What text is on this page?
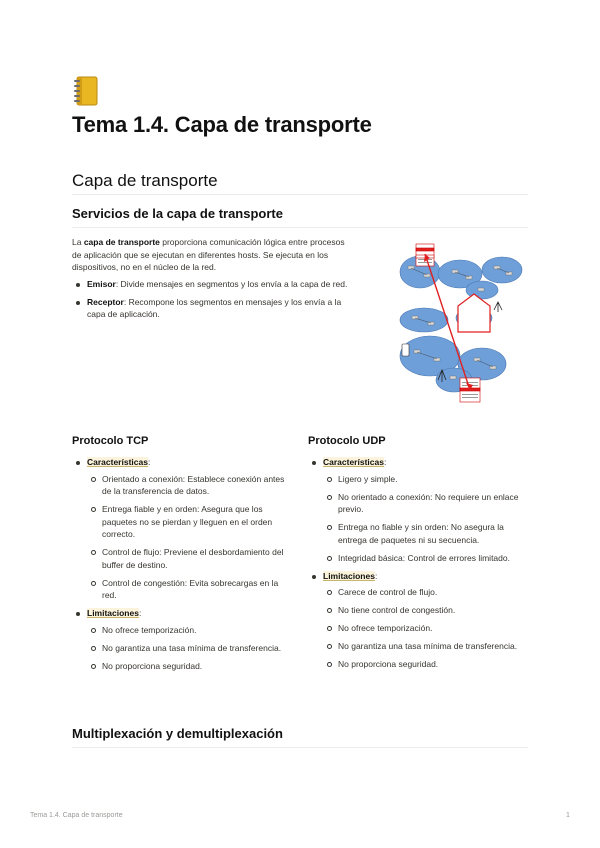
Tema 1.4. Capa de transporte
Capa de transporte
Servicios de la capa de transporte

La capa de transporte proporciona comunicación lógica entre procesos de aplicación que se ejecutan en diferentes hosts. Se ejecuta en los dispositivos, no en el núcleo de la red.

Emisor: Divide mensajes en segmentos y los envía a la capa de red.
Receptor: Recompone los segmentos en mensajes y los envía a la capa de aplicación.
Protocolo TCP
Características:
Orientado a conexión: Establece conexión antes de la transferencia de datos.
Entrega fiable y en orden: Asegura que los paquetes no se pierdan y lleguen en el orden correcto.
Control de flujo: Previene el desbordamiento del buffer de destino.
Control de congestión: Evita sobrecargas en la red.
Limitaciones:
No ofrece temporización.
No garantiza una tasa mínima de transferencia.
No proporciona seguridad.
Protocolo UDP
Características:
Ligero y simple.
No orientado a conexión: No requiere un enlace previo.
Entrega no fiable y sin orden: No asegura la entrega de paquetes ni su secuencia.
Integridad básica: Control de errores limitado.
Limitaciones:
Carece de control de flujo.
No tiene control de congestión.
No ofrece temporización.
No garantiza una tasa mínima de transferencia.
No proporciona seguridad.
Multiplexación y demultiplexación
Tema 1.4. Capa de transporte	1
